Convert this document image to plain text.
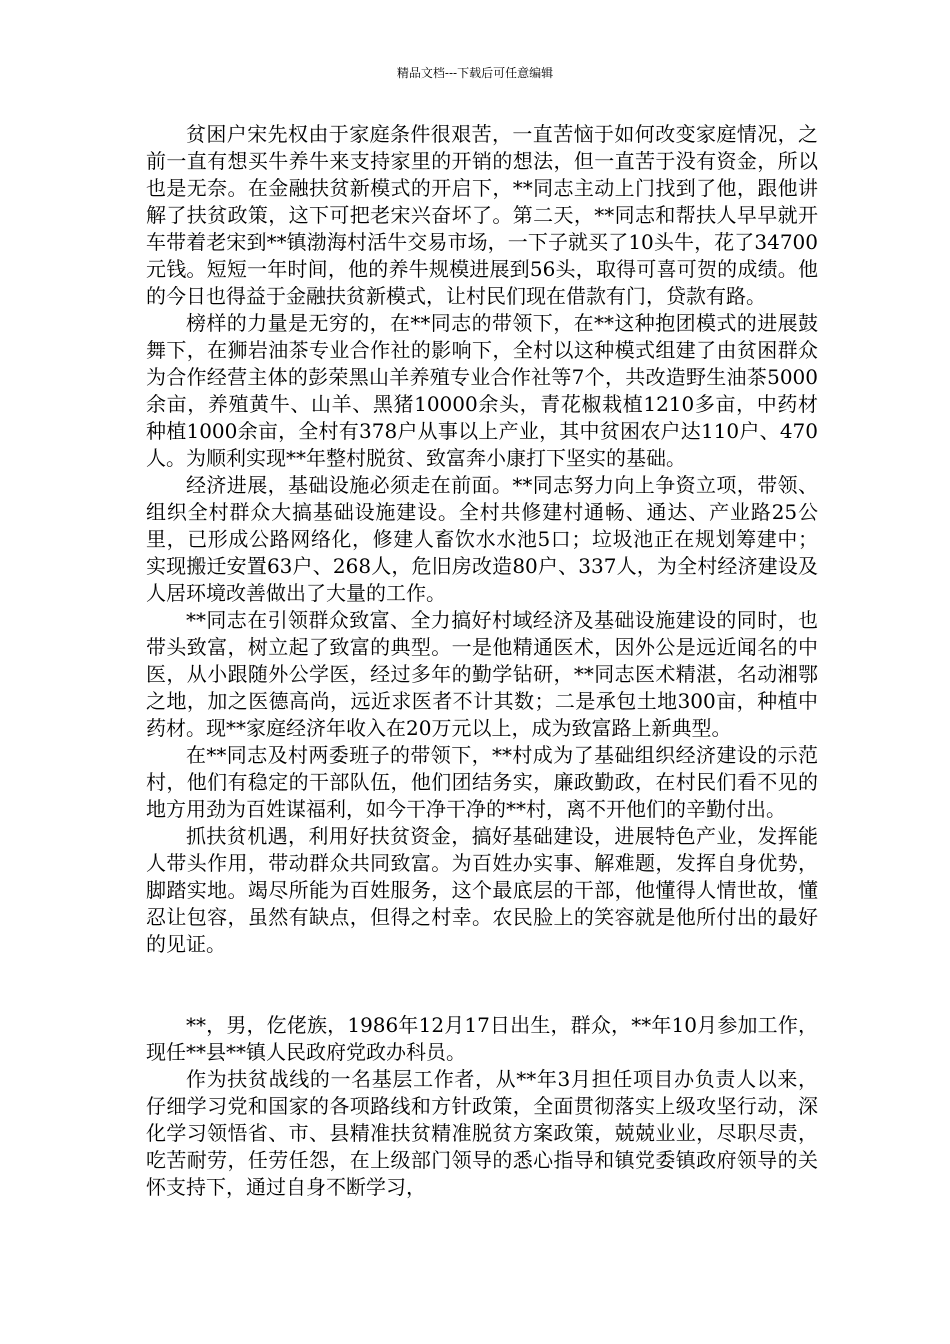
精品文档---下载后可任意编辑

贫困户宋先权由于家庭条件很艰苦，一直苦恼于如何改变家庭情况，之前一直有想买牛养牛来支持家里的开销的想法，但一直苦于没有资金，所以也是无奈。在金融扶贫新模式的开启下，**同志主动上门找到了他，跟他讲解了扶贫政策，这下可把老宋兴奋坏了。第二天，**同志和帮扶人早早就开车带着老宋到**镇渤海村活牛交易市场，一下子就买了10头牛，花了34700元钱。短短一年时间，他的养牛规模进展到56头，取得可喜可贺的成绩。他的今日也得益于金融扶贫新模式，让村民们现在借款有门，贷款有路。

榜样的力量是无穷的，在**同志的带领下，在**这种抱团模式的进展鼓舞下，在狮岩油茶专业合作社的影响下，全村以这种模式组建了由贫困群众为合作经营主体的彭荣黑山羊养殖专业合作社等7个，共改造野生油茶5000余亩，养殖黄牛、山羊、黑猪10000余头，青花椒栽植1210多亩，中药材种植1000余亩，全村有378户从事以上产业，其中贫困农户达110户、470人。为顺利实现**年整村脱贫、致富奔小康打下坚实的基础。

经济进展，基础设施必须走在前面。**同志努力向上争资立项，带领、组织全村群众大搞基础设施建设。全村共修建村通畅、通达、产业路25公里，已形成公路网络化，修建人畜饮水水池5口；垃圾池正在规划筹建中；实现搬迁安置63户、268人，危旧房改造80户、337人，为全村经济建设及人居环境改善做出了大量的工作。

**同志在引领群众致富、全力搞好村域经济及基础设施建设的同时，也带头致富，树立起了致富的典型。一是他精通医术，因外公是远近闻名的中医，从小跟随外公学医，经过多年的勤学钻研，**同志医术精湛，名动湘鄂之地，加之医德高尚，远近求医者不计其数；二是承包土地300亩，种植中药材。现**家庭经济年收入在20万元以上，成为致富路上新典型。

在**同志及村两委班子的带领下，**村成为了基础组织经济建设的示范村，他们有稳定的干部队伍，他们团结务实，廉政勤政，在村民们看不见的地方用劲为百姓谋福利，如今干净干净的**村，离不开他们的辛勤付出。

抓扶贫机遇，利用好扶贫资金，搞好基础建设，进展特色产业，发挥能人带头作用，带动群众共同致富。为百姓办实事、解难题，发挥自身优势，脚踏实地。竭尽所能为百姓服务，这个最底层的干部，他懂得人情世故，懂忍让包容，虽然有缺点，但得之村幸。农民脸上的笑容就是他所付出的最好的见证。

**，男，仡佬族，1986年12月17日出生，群众，**年10月参加工作，现任**县**镇人民政府党政办科员。

作为扶贫战线的一名基层工作者，从**年3月担任项目办负责人以来，仔细学习党和国家的各项路线和方针政策，全面贯彻落实上级攻坚行动，深化学习领悟省、市、县精准扶贫精准脱贫方案政策，兢兢业业，尽职尽责，吃苦耐劳，任劳任怨，在上级部门领导的悉心指导和镇党委镇政府领导的关怀支持下，通过自身不断学习，
